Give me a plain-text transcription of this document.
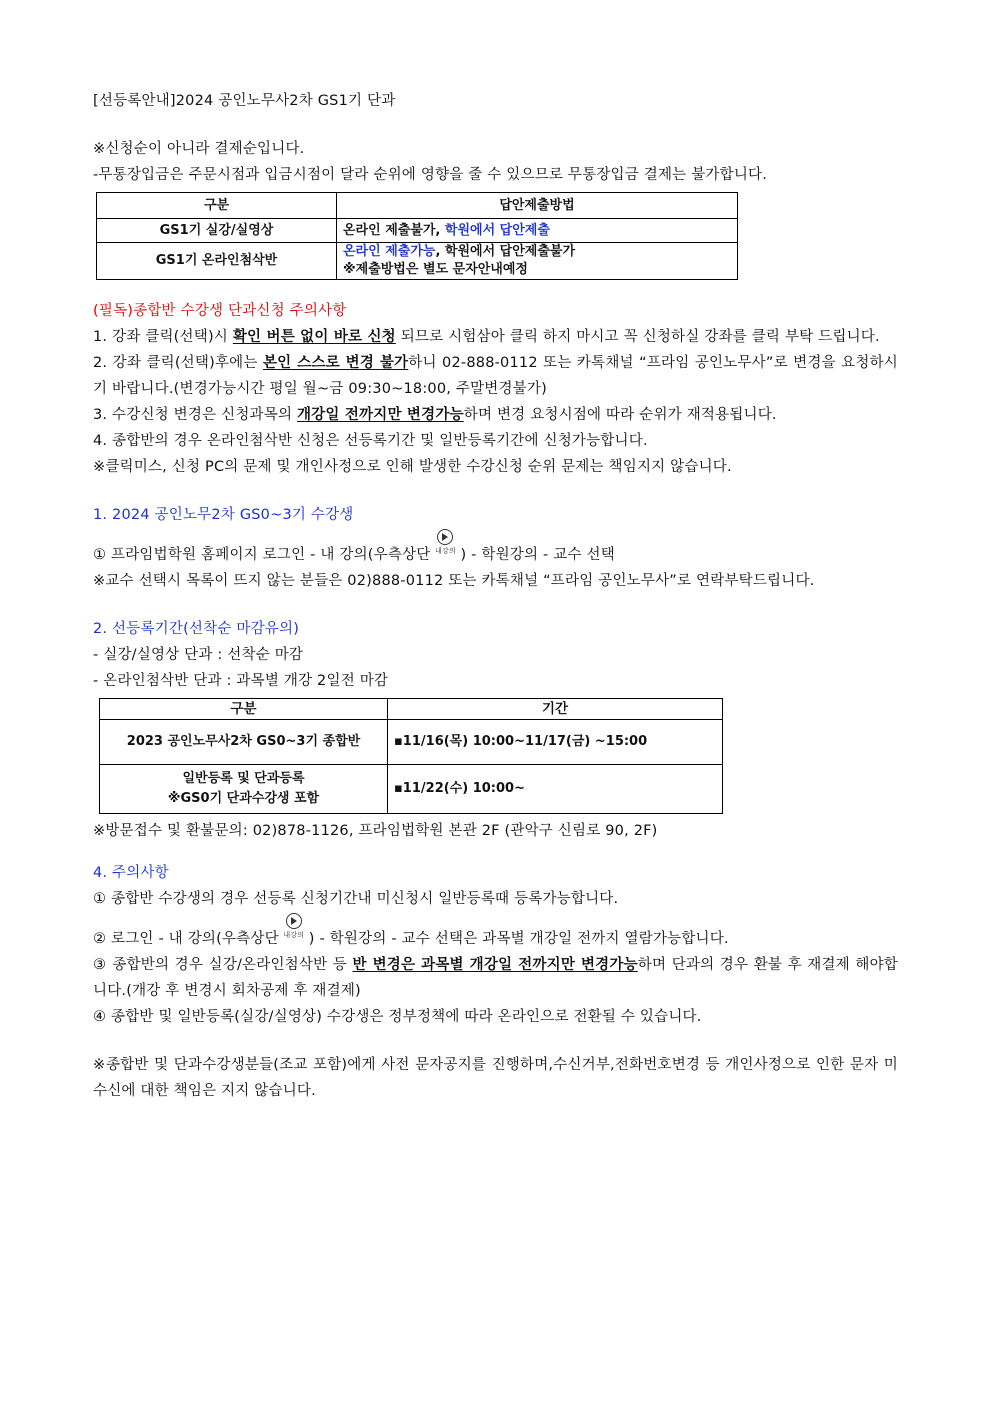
[선등록안내]2024 공인노무사2차 GS1기 단과

※신청순이 아니라 결제순입니다.

-무통장입금은 주문시점과 입금시점이 달라 순위에 영향을 줄 수 있으므로 무통장입금 결제는 불가합니다.

구분	답안제출방법
GS1기 실강/실영상	온라인 제출불가, 학원에서 답안제출
GS1기 온라인첨삭반	온라인 제출가능, 학원에서 답안제출불가
※제출방법은 별도 문자안내예정

(필독)종합반 수강생 단과신청 주의사항

1. 강좌 클릭(선택)시 확인 버튼 없이 바로 신청 되므로 시험삼아 클릭 하지 마시고 꼭 신청하실 강좌를 클릭 부탁 드립니다.

2. 강좌 클릭(선택)후에는 본인 스스로 변경 불가하니 02-888-0112 또는 카톡채널 “프라임 공인노무사”로 변경을 요청하시기 바랍니다.(변경가능시간 평일 월~금 09:30~18:00, 주말변경불가)

3. 수강신청 변경은 신청과목의 개강일 전까지만 변경가능하며 변경 요청시점에 따라 순위가 재적용됩니다.

4. 종합반의 경우 온라인첨삭반 신청은 선등록기간 및 일반등록기간에 신청가능합니다.

※클릭미스, 신청 PC의 문제 및 개인사정으로 인해 발생한 수강신청 순위 문제는 책임지지 않습니다.

1. 2024 공인노무2차 GS0~3기 수강생

① 프라임법학원 홈페이지 로그인 - 내 강의(우측상단 내강의 ) - 학원강의 - 교수 선택

※교수 선택시 목록이 뜨지 않는 분들은 02)888-0112 또는 카톡채널 “프라임 공인노무사”로 연락부탁드립니다.

2. 선등록기간(선착순 마감유의)

- 실강/실영상 단과 : 선착순 마감

- 온라인첨삭반 단과 : 과목별 개강 2일전 마감

구분	기간
2023 공인노무사2차 GS0~3기 종합반	▪11/16(목) 10:00~11/17(금) ~15:00
일반등록 및 단과등록
※GS0기 단과수강생 포함	▪11/22(수) 10:00~

※방문접수 및 환불문의: 02)878-1126, 프라임법학원 본관 2F (관악구 신림로 90, 2F)

4. 주의사항

① 종합반 수강생의 경우 선등록 신청기간내 미신청시 일반등록때 등록가능합니다.

② 로그인 - 내 강의(우측상단 내강의 ) - 학원강의 - 교수 선택은 과목별 개강일 전까지 열람가능합니다.

③ 종합반의 경우 실강/온라인첨삭반 등 반 변경은 과목별 개강일 전까지만 변경가능하며 단과의 경우 환불 후 재결제 해야합니다.(개강 후 변경시 회차공제 후 재결제)

④ 종합반 및 일반등록(실강/실영상) 수강생은 정부정책에 따라 온라인으로 전환될 수 있습니다.

※종합반 및 단과수강생분들(조교 포함)에게 사전 문자공지를 진행하며,수신거부,전화번호변경 등 개인사정으로 인한 문자 미수신에 대한 책임은 지지 않습니다.
